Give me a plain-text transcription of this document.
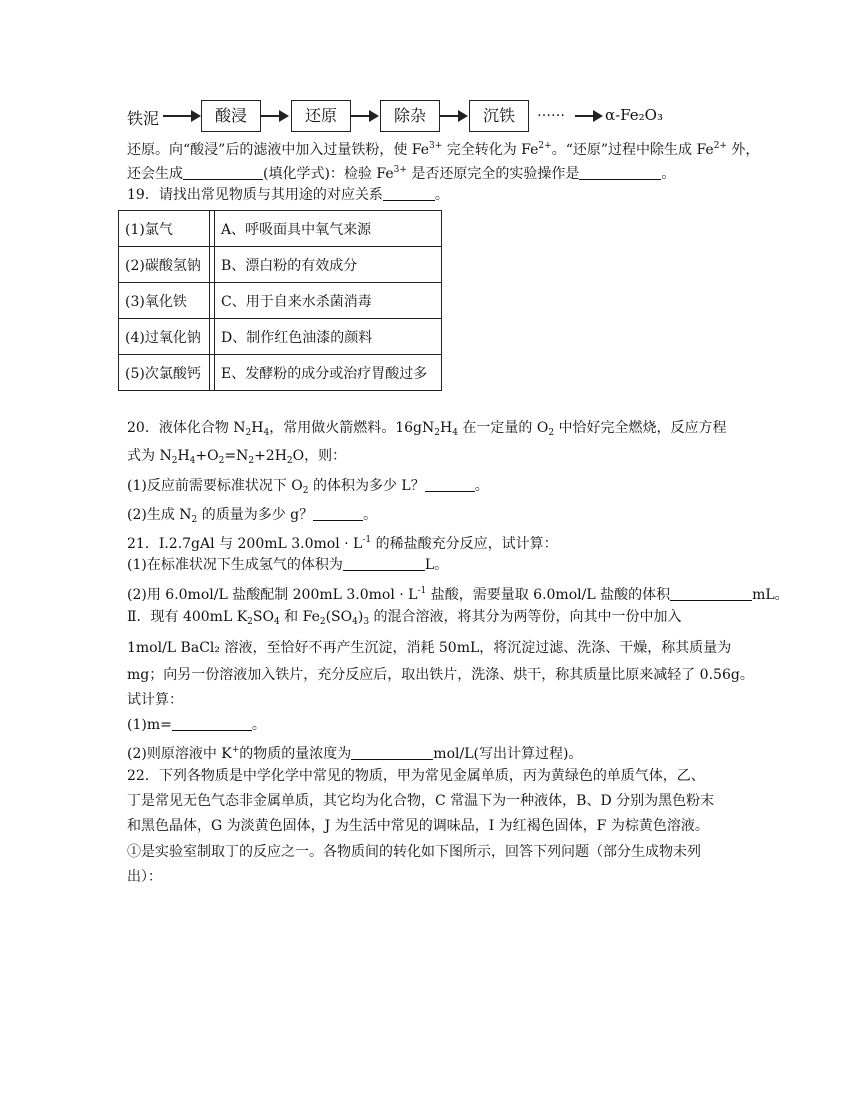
铁泥	酸浸	还原	除杂	沉铁	……	α-Fe₂O₃
还原。向“酸浸”后的滤液中加入过量铁粉，使 $Fe^{3+}$ 完全转化为 $Fe^{2+}$。“还原”过程中除生成 $Fe^{2+}$ 外，
还会生成	(填化学式)：检验 $Fe^{3+}$ 是否还原完全的实验操作是	。
19．请找出常见物质与其用途的对应关系	。
(1)氯气		A、呼吸面具中氧气来源
(2)碳酸氢钠		B、漂白粉的有效成分
(3)氧化铁		C、用于自来水杀菌消毒
(4)过氧化钠		D、制作红色油漆的颜料
(5)次氯酸钙		E、发酵粉的成分或治疗胃酸过多
20．液体化合物 $N_2H_4$，常用做火箭燃料。$16gN_2H_4$ 在一定量的 $O_2$ 中恰好完全燃烧，反应方程
式为 $N_2H_4+O_2=N_2+2H_2O$，则：
(1)反应前需要标准状况下 $O_2$ 的体积为多少 L？	。
(2)生成 $N_2$ 的质量为多少 g？	。
21．I.2.7gAl 与 200mL $3.0mol \cdot L^{-1}$ 的稀盐酸充分反应，试计算：
(1)在标准状况下生成氢气的体积为	L。
(2)用 6.0mol/L 盐酸配制 200mL $3.0mol \cdot L^{-1}$ 盐酸，需要量取 6.0mol/L 盐酸的体积	mL。
Ⅱ．现有 400mL $K_2SO_4$ 和 $Fe_2(SO_4)_3$ 的混合溶液，将其分为两等份，向其中一份中加入
1mol/L BaCl₂ 溶液，至恰好不再产生沉淀，消耗 50mL，将沉淀过滤、洗涤、干燥，称其质量为
mg；向另一份溶液加入铁片，充分反应后，取出铁片，洗涤、烘干，称其质量比原来减轻了 0.56g。
试计算：
(1)m=	。
(2)则原溶液中 K+的物质的量浓度为	mol/L(写出计算过程)。
22．下列各物质是中学化学中常见的物质，甲为常见金属单质，丙为黄绿色的单质气体，乙、
丁是常见无色气态非金属单质，其它均为化合物，C 常温下为一种液体，B、D 分别为黑色粉末
和黑色晶体，G 为淡黄色固体，J 为生活中常见的调味品，I 为红褐色固体，F 为棕黄色溶液。
①是实验室制取丁的反应之一。各物质间的转化如下图所示，回答下列问题（部分生成物未列
出）：
